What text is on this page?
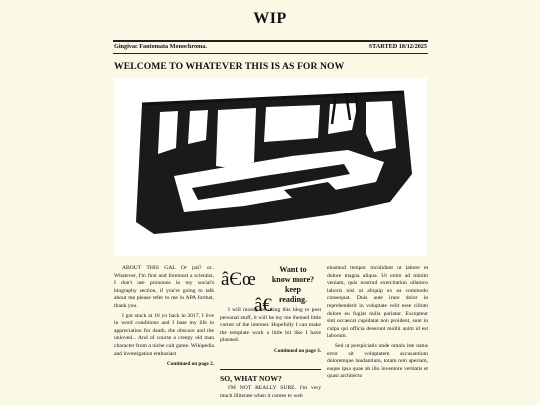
WIP
Gingivac Fantomata Monochroma.	STARTED 18/12/2025
WELCOME TO WHATEVER THIS IS AS FOR NOW

ABOUT THIS GAL Or pal? or.. Whatever, I'm first and foremost a scientist, I don't use pronouns in my social's biography section, if you're going to talk about me please refer to me in APA format, thank you.

I got stuck at 16 yo back in 2017, I live in word conditions and I base my life in appreciation for death, the obscure and the unloved... And of course a creepy old man character from a niche cult game. Wikipedia and investigation enthusiast

Continued on page 2.
Want to know more? keep reading.
âЄœ
â€

I will mostly be using this blog to post personal stuff, it will be my me themed little corner of the internet. Hopefully I can make the template work a little bit like I have planned.

Continued on page 3.
SO, WHAT NOW?

I'M NOT REALLY SURE. I'm very much illiterate when it comes to web

eiusmod tempor incididunt ut labore et dolore magna aliqua. Ut enim ad minim veniam, quis nostrud exercitation ullamco laboris nisi ut aliquip ex ea commodo consequat. Duis aute irure dolor in reprehenderit in voluptate velit esse cillum dolore eu fugiat nulla pariatur. Excepteur sint occaecat cupidatat non proident, sunt in culpa qui officia deserunt mollit anim id est laborum.

Sed ut perspiciatis unde omnis iste natus error sit voluptatem accusantium doloremque laudantium, totam rem aperiam, eaque ipsa quae ab illo inventore veritatis et quasi architecto
